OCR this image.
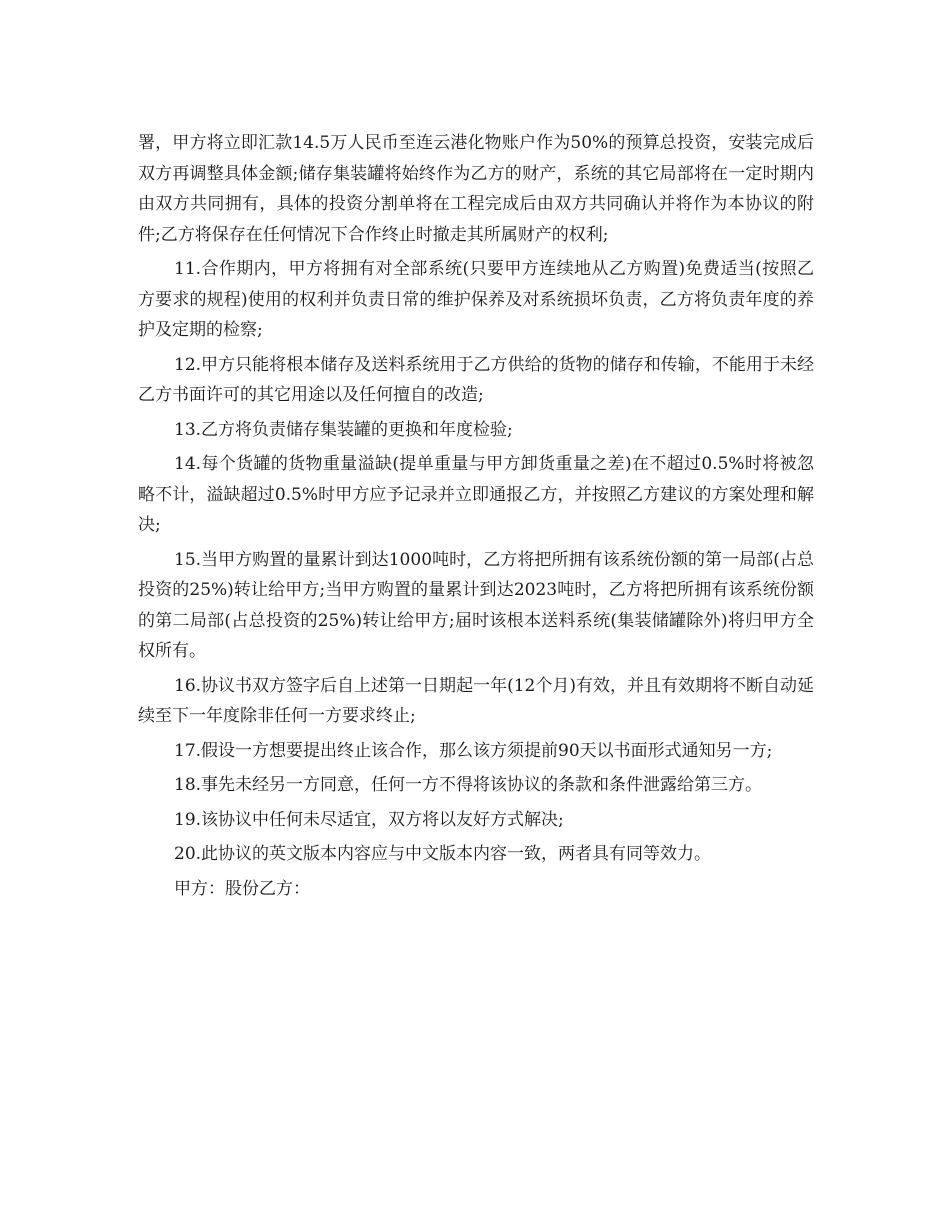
署，甲方将立即汇款14.5万人民币至连云港化物账户作为50%的预算总投资，安装完成后双方再调整具体金额;储存集装罐将始终作为乙方的财产，系统的其它局部将在一定时期内由双方共同拥有，具体的投资分割单将在工程完成后由双方共同确认并将作为本协议的附件;乙方将保存在任何情况下合作终止时撤走其所属财产的权利;

11.合作期内，甲方将拥有对全部系统(只要甲方连续地从乙方购置)免费适当(按照乙方要求的规程)使用的权利并负责日常的维护保养及对系统损坏负责，乙方将负责年度的养护及定期的检察;

12.甲方只能将根本储存及送料系统用于乙方供给的货物的储存和传输，不能用于未经乙方书面许可的其它用途以及任何擅自的改造;

13.乙方将负责储存集装罐的更换和年度检验;

14.每个货罐的货物重量溢缺(提单重量与甲方卸货重量之差)在不超过0.5%时将被忽略不计，溢缺超过0.5%时甲方应予记录并立即通报乙方，并按照乙方建议的方案处理和解决;

15.当甲方购置的量累计到达1000吨时，乙方将把所拥有该系统份额的第一局部(占总投资的25%)转让给甲方;当甲方购置的量累计到达2023吨时，乙方将把所拥有该系统份额的第二局部(占总投资的25%)转让给甲方;届时该根本送料系统(集装储罐除外)将归甲方全权所有。

16.协议书双方签字后自上述第一日期起一年(12个月)有效，并且有效期将不断自动延续至下一年度除非任何一方要求终止;

17.假设一方想要提出终止该合作，那么该方须提前90天以书面形式通知另一方;

18.事先未经另一方同意，任何一方不得将该协议的条款和条件泄露给第三方。

19.该协议中任何未尽适宜，双方将以友好方式解决;

20.此协议的英文版本内容应与中文版本内容一致，两者具有同等效力。

甲方：股份乙方：
